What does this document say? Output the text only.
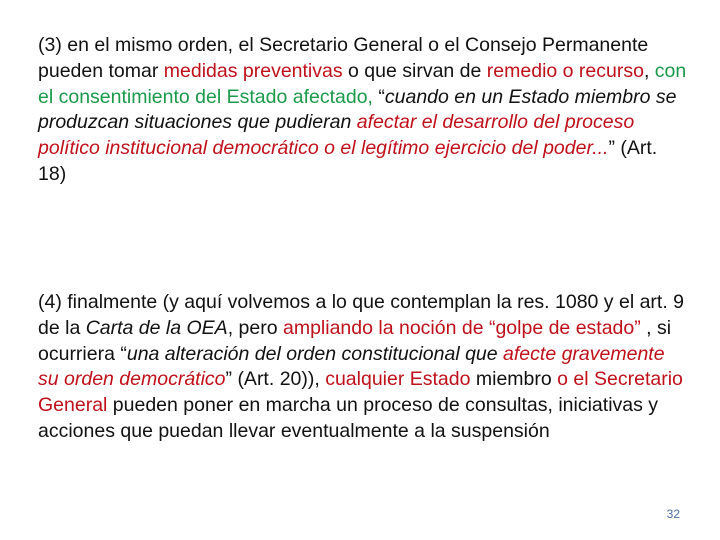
(3) en el mismo orden, el Secretario General o el Consejo Permanente pueden tomar medidas preventivas o que sirvan de remedio o recurso, con el consentimiento del Estado afectado, “cuando en un Estado miembro se produzcan situaciones que pudieran afectar el desarrollo del proceso político institucional democrático o el legítimo ejercicio del poder...” (Art. 18)

(4) finalmente (y aquí volvemos a lo que contemplan la res. 1080 y el art. 9 de la Carta de la OEA, pero ampliando la noción de “golpe de estado” , si ocurriera “una alteración del orden constitucional que afecte gravemente su orden democrático” (Art. 20)), cualquier Estado miembro o el Secretario General pueden poner en marcha un proceso de consultas, iniciativas y acciones que puedan llevar eventualmente a la suspensión

32
